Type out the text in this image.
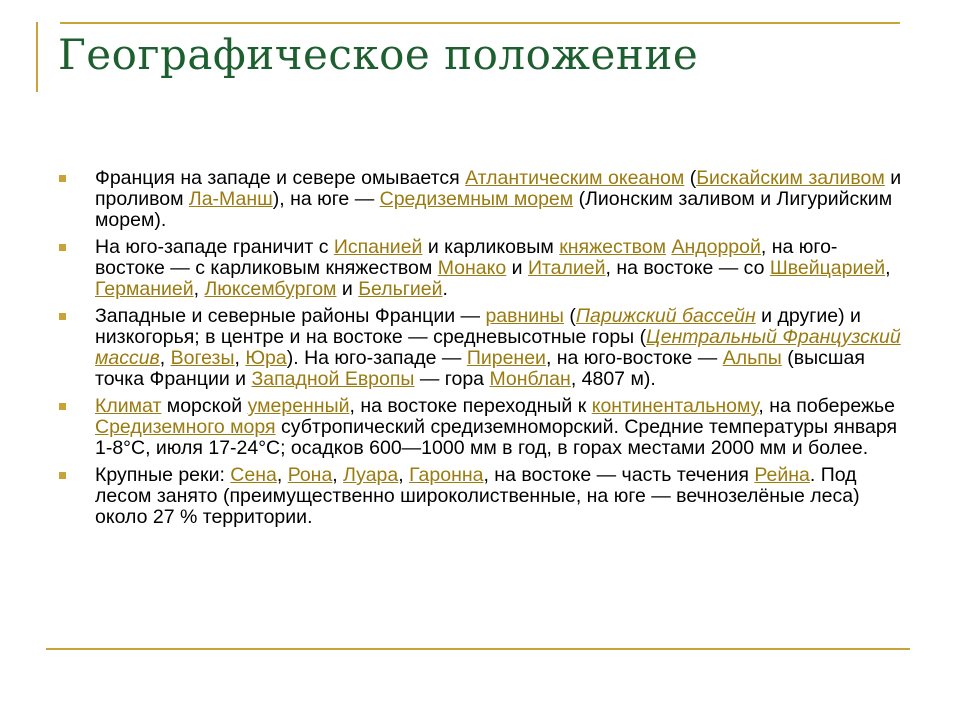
Географическое положение
Франция на западе и севере омывается Атлантическим океаном (Бискайским заливом и проливом Ла-Манш), на юге — Средиземным морем (Лионским заливом и Лигурийским морем).
На юго-западе граничит с Испанией и карликовым княжеством Андоррой, на юго-востоке — с карликовым княжеством Монако и Италией, на востоке — со Швейцарией, Германией, Люксембургом и Бельгией.
Западные и северные районы Франции — равнины (Парижский бассейн и другие) и низкогорья; в центре и на востоке — средневысотные горы (Центральный Французский массив, Вогезы, Юра). На юго-западе — Пиренеи, на юго-востоке — Альпы (высшая точка Франции и Западной Европы — гора Монблан, 4807 м).
Климат морской умеренный, на востоке переходный к континентальному, на побережье Средиземного моря субтропический средиземноморский. Средние температуры января 1-8°C, июля 17-24°C; осадков 600—1000 мм в год, в горах местами 2000 мм и более.
Крупные реки: Сена, Рона, Луара, Гаронна, на востоке — часть течения Рейна. Под лесом занято (преимущественно широколиственные, на юге — вечнозелёные леса) около 27 % территории.
